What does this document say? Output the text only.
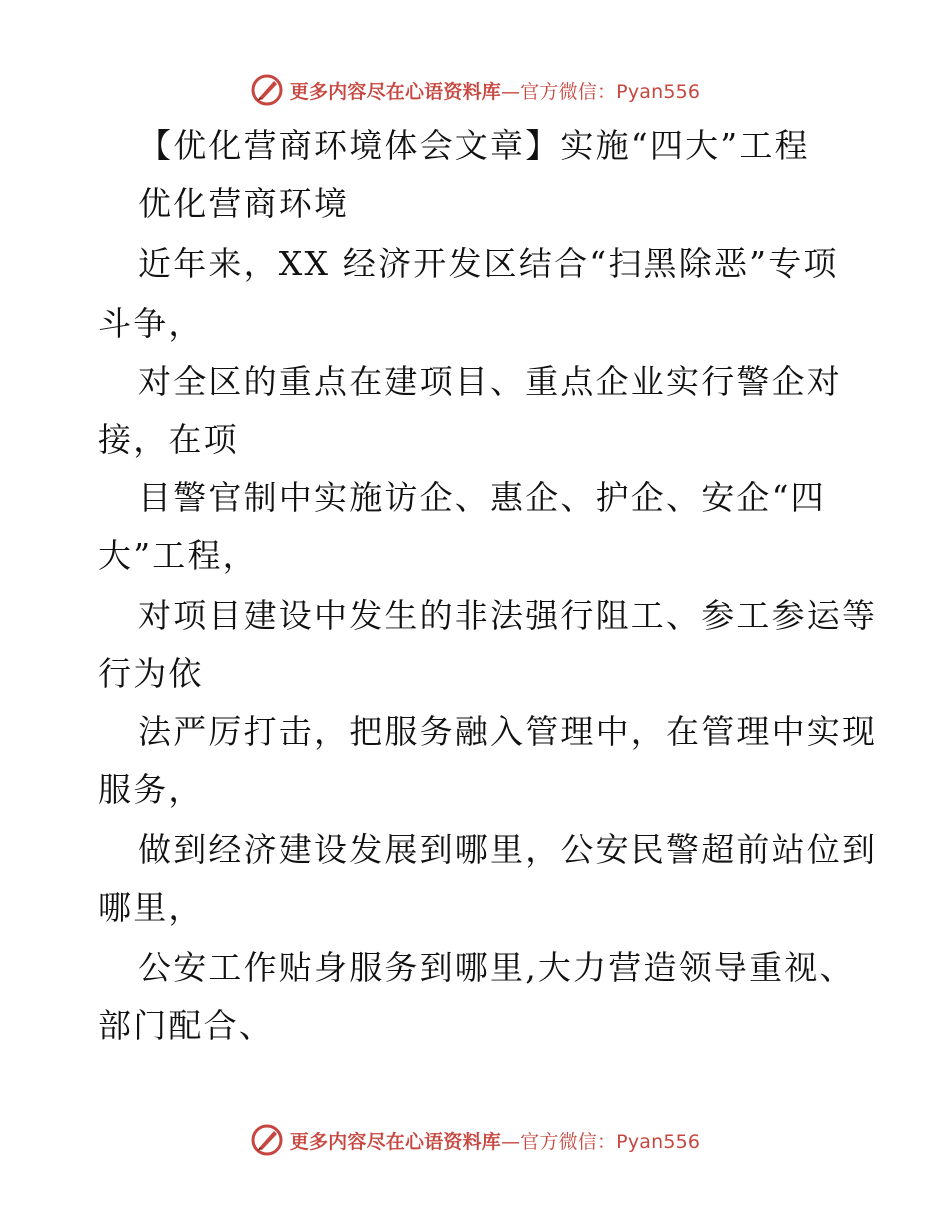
更多内容尽在心语资料库—官方微信：Pyan556
【优化营商环境体会文章】实施“四大”工程
优化营商环境
近年来，XX 经济开发区结合“扫黑除恶”专项
斗争，
对全区的重点在建项目、重点企业实行警企对
接，在项
目警官制中实施访企、惠企、护企、安企“四
大”工程，
对项目建设中发生的非法强行阻工、参工参运等
行为依
法严厉打击，把服务融入管理中，在管理中实现
服务，
做到经济建设发展到哪里，公安民警超前站位到
哪里，
公安工作贴身服务到哪里,大力营造领导重视、
部门配合、
更多内容尽在心语资料库—官方微信：Pyan556
